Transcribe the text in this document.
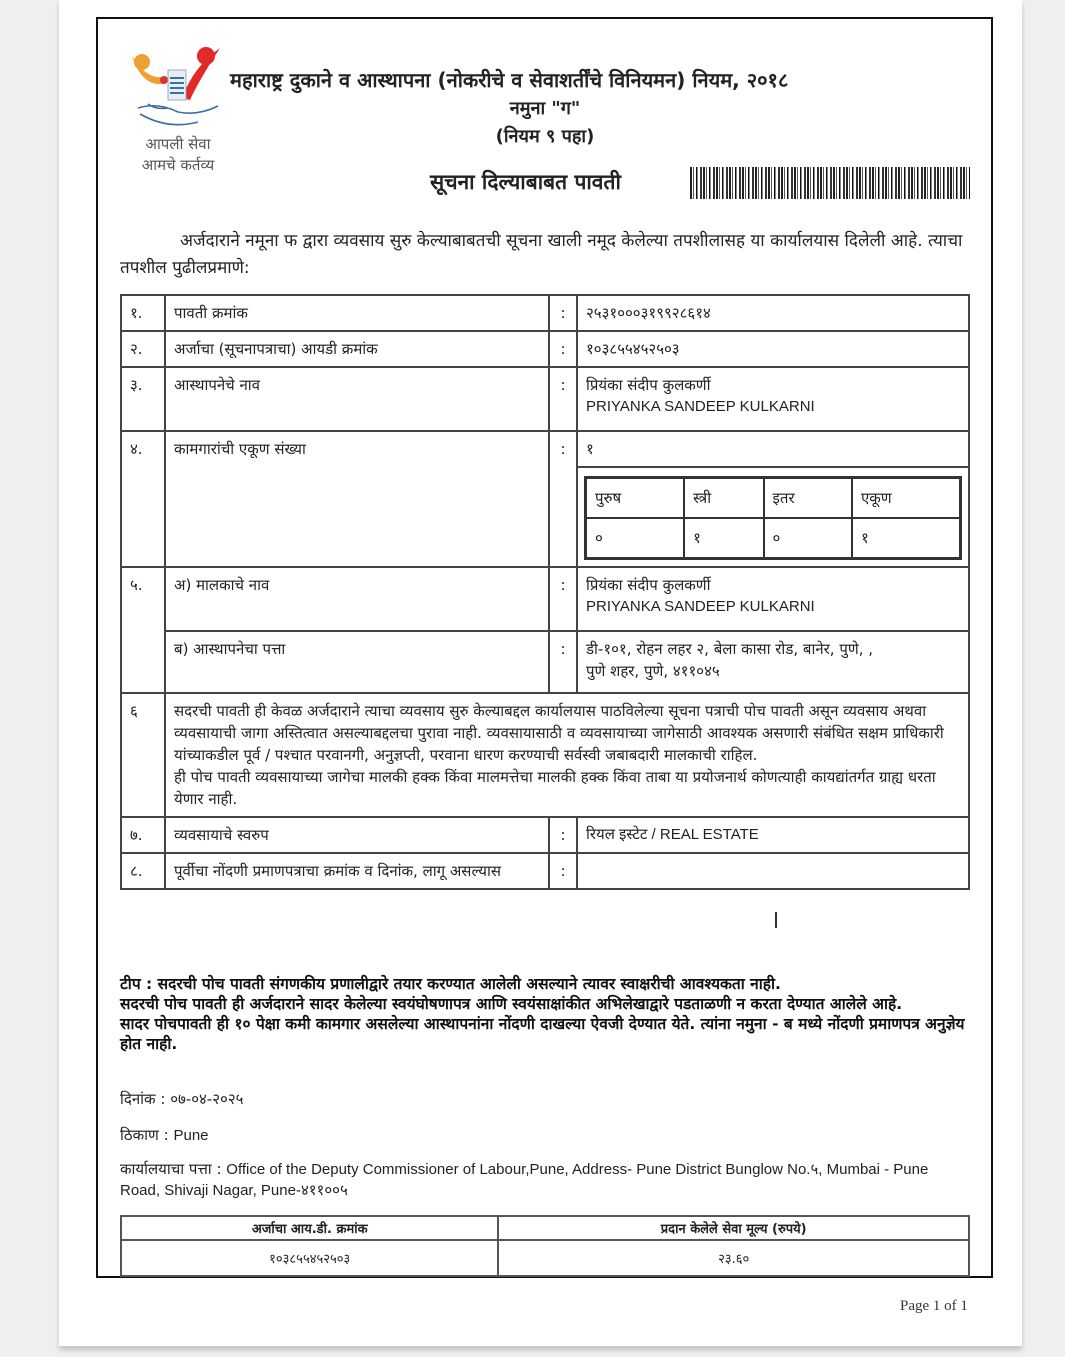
आपली सेवा
आमचे कर्तव्य
महाराष्ट्र दुकाने व आस्थापना (नोकरीचे व सेवाशर्तींचे विनियमन) नियम, २०१८
नमुना "ग"
(नियम ९ पहा)
सूचना दिल्याबाबत पावती
अर्जदाराने नमूना फ द्वारा व्यवसाय सुरु केल्याबाबतची सूचना खाली नमूद केलेल्या तपशीलासह या कार्यालयास दिलेली आहे. त्याचा तपशील पुढीलप्रमाणे:
१.	पावती क्रमांक	:	२५३१०००३१९९२८६१४
२.	अर्जाचा (सूचनापत्राचा) आयडी क्रमांक	:	१०३८५५४५२५०३
३.	आस्थापनेचे नाव	:	प्रियंका संदीप कुलकर्णी
PRIYANKA SANDEEP KULKARNI

४.	कामगारांची एकूण संख्या	:	१

पुरुष	स्त्री	इतर	एकूण
०	१	०	१

५.	अ) मालकाचे नाव	:	प्रियंका संदीप कुलकर्णी
PRIYANKA SANDEEP KULKARNI

	ब) आस्थापनेचा पत्ता	:	डी-१०१, रोहन लहर २, बेला कासा रोड, बानेर, पुणे, ,
पुणे शहर, पुणे, ४११०४५

६	सदरची पावती ही केवळ अर्जदाराने त्याचा व्यवसाय सुरु केल्याबद्दल कार्यालयास पाठविलेल्या सूचना पत्राची पोच पावती असून व्यवसाय अथवा व्यवसायाची जागा अस्तित्वात असल्याबद्दलचा पुरावा नाही. व्यवसायासाठी व व्यवसायाच्या जागेसाठी आवश्यक असणारी संबंधित सक्षम प्राधिकारी यांच्याकडील पूर्व / पश्चात परवानगी, अनुज्ञप्ती, परवाना धारण करण्याची सर्वस्वी जबाबदारी मालकाची राहिल.
ही पोच पावती व्यवसायाच्या जागेचा मालकी हक्क किंवा मालमत्तेचा मालकी हक्क किंवा ताबा या प्रयोजनार्थ कोणत्याही कायद्यांतर्गत ग्राह्य धरता येणार नाही.

७.	व्यवसायाचे स्वरुप	:	रियल इस्टेट / REAL ESTATE
८.	पूर्वीचा नोंदणी प्रमाणपत्राचा क्रमांक व दिनांक, लागू असल्यास	:	
टीप : सदरची पोच पावती संगणकीय प्रणालीद्वारे तयार करण्यात आलेली असल्याने त्यावर स्वाक्षरीची आवश्यकता नाही.
सदरची पोच पावती ही अर्जदाराने सादर केलेल्या स्वयंघोषणापत्र आणि स्वयंसाक्षांकीत अभिलेखाद्वारे पडताळणी न करता देण्यात आलेले आहे.
सादर पोचपावती ही १० पेक्षा कमी कामगार असलेल्या आस्थापनांना नोंदणी दाखल्या ऐवजी देण्यात येते. त्यांना नमुना - ब मध्ये नोंदणी प्रमाणपत्र अनुज्ञेय होत नाही.
दिनांक : ०७-०४-२०२५
ठिकाण : Pune
कार्यालयाचा पत्ता : Office of the Deputy Commissioner of Labour,Pune, Address- Pune District Bunglow No.५, Mumbai - Pune Road, Shivaji Nagar, Pune-४११००५
अर्जाचा आय.डी. क्रमांक	प्रदान केलेले सेवा मूल्य (रुपये)
१०३८५५४५२५०३	२३.६०
Page 1 of 1
